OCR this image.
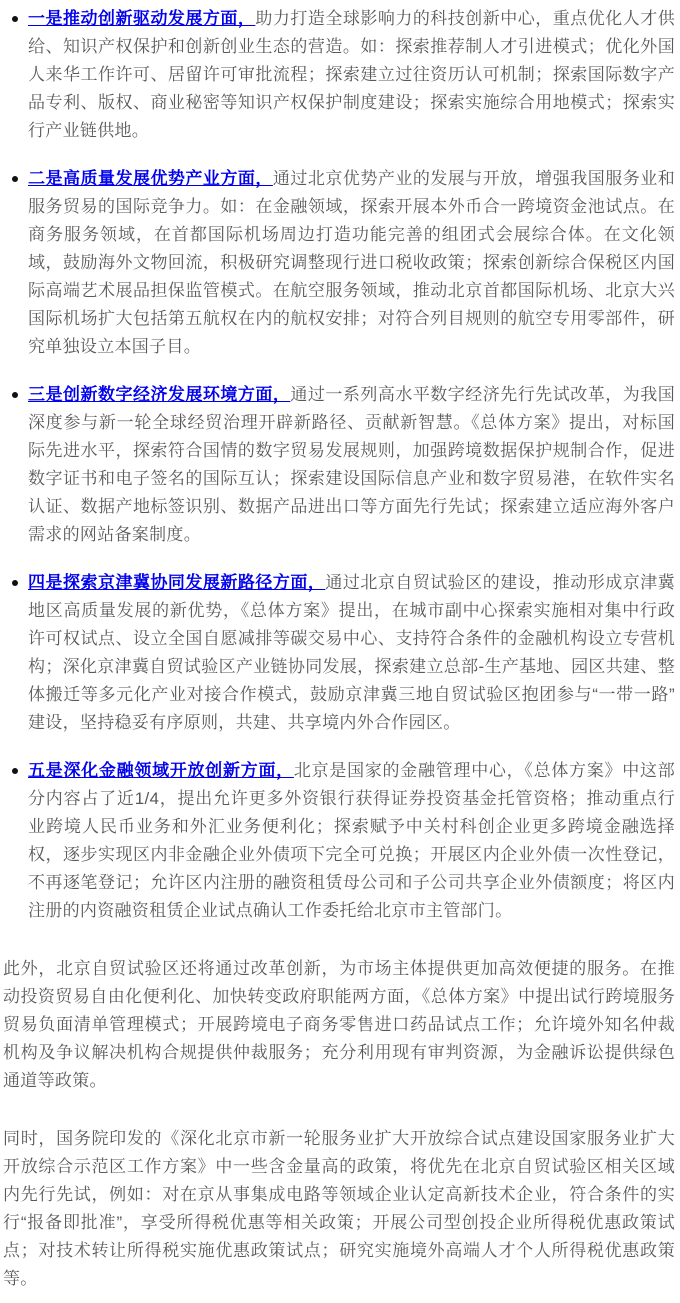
一是推动创新驱动发展方面，助力打造全球影响力的科技创新中心，重点优化人才供给、知识产权保护和创新创业生态的营造。如：探索推荐制人才引进模式；优化外国人来华工作许可、居留许可审批流程；探索建立过往资历认可机制；探索国际数字产品专利、版权、商业秘密等知识产权保护制度建设；探索实施综合用地模式；探索实行产业链供地。
二是高质量发展优势产业方面，通过北京优势产业的发展与开放，增强我国服务业和服务贸易的国际竞争力。如：在金融领域，探索开展本外币合一跨境资金池试点。在商务服务领域，在首都国际机场周边打造功能完善的组团式会展综合体。在文化领域，鼓励海外文物回流，积极研究调整现行进口税收政策；探索创新综合保税区内国际高端艺术展品担保监管模式。在航空服务领域，推动北京首都国际机场、北京大兴国际机场扩大包括第五航权在内的航权安排；对符合列目规则的航空专用零部件，研究单独设立本国子目。
三是创新数字经济发展环境方面，通过一系列高水平数字经济先行先试改革，为我国深度参与新一轮全球经贸治理开辟新路径、贡献新智慧。《总体方案》提出，对标国际先进水平，探索符合国情的数字贸易发展规则，加强跨境数据保护规制合作，促进数字证书和电子签名的国际互认；探索建设国际信息产业和数字贸易港，在软件实名认证、数据产地标签识别、数据产品进出口等方面先行先试；探索建立适应海外客户需求的网站备案制度。
四是探索京津冀协同发展新路径方面，通过北京自贸试验区的建设，推动形成京津冀地区高质量发展的新优势，《总体方案》提出，在城市副中心探索实施相对集中行政许可权试点、设立全国自愿减排等碳交易中心、支持符合条件的金融机构设立专营机构；深化京津冀自贸试验区产业链协同发展，探索建立总部-生产基地、园区共建、整体搬迁等多元化产业对接合作模式，鼓励京津冀三地自贸试验区抱团参与“一带一路”建设，坚持稳妥有序原则，共建、共享境内外合作园区。
五是深化金融领域开放创新方面，北京是国家的金融管理中心，《总体方案》中这部分内容占了近1/4，提出允许更多外资银行获得证券投资基金托管资格；推动重点行业跨境人民币业务和外汇业务便利化；探索赋予中关村科创企业更多跨境金融选择权，逐步实现区内非金融企业外债项下完全可兑换；开展区内企业外债一次性登记，不再逐笔登记；允许区内注册的融资租赁母公司和子公司共享企业外债额度；将区内注册的内资融资租赁企业试点确认工作委托给北京市主管部门。

此外，北京自贸试验区还将通过改革创新，为市场主体提供更加高效便捷的服务。在推动投资贸易自由化便利化、加快转变政府职能两方面，《总体方案》中提出试行跨境服务贸易负面清单管理模式；开展跨境电子商务零售进口药品试点工作；允许境外知名仲裁机构及争议解决机构合规提供仲裁服务；充分利用现有审判资源，为金融诉讼提供绿色通道等政策。

同时，国务院印发的《深化北京市新一轮服务业扩大开放综合试点建设国家服务业扩大开放综合示范区工作方案》中一些含金量高的政策，将优先在北京自贸试验区相关区域内先行先试，例如：对在京从事集成电路等领域企业认定高新技术企业，符合条件的实行“报备即批准”，享受所得税优惠等相关政策；开展公司型创投企业所得税优惠政策试点；对技术转让所得税实施优惠政策试点；研究实施境外高端人才个人所得税优惠政策等。
